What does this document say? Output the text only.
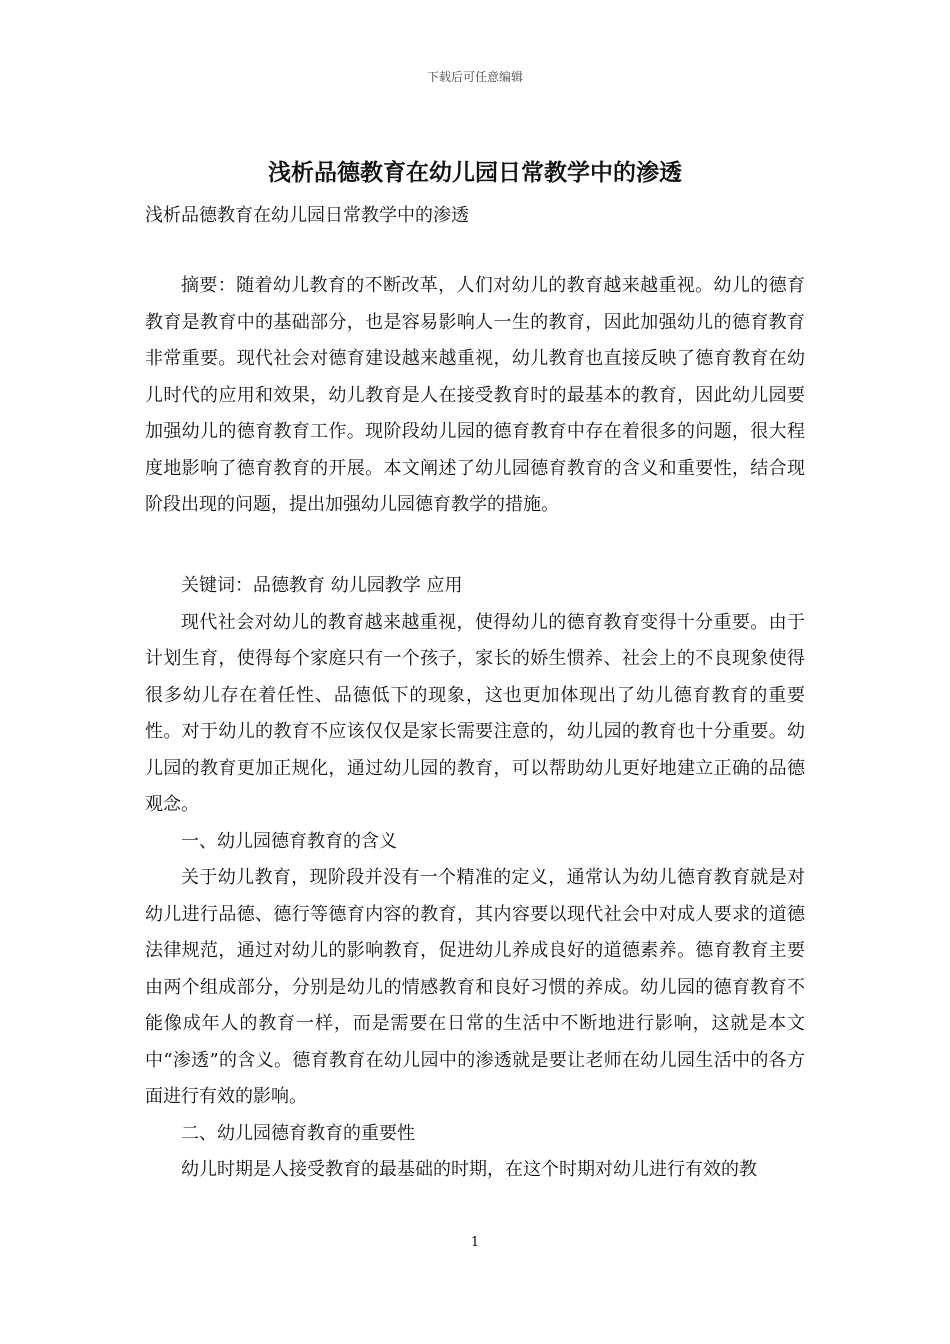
下载后可任意编辑
浅析品德教育在幼儿园日常教学中的渗透
浅析品德教育在幼儿园日常教学中的渗透

摘要：随着幼儿教育的不断改革，人们对幼儿的教育越来越重视。幼儿的德育教育是教育中的基础部分，也是容易影响人一生的教育，因此加强幼儿的德育教育非常重要。现代社会对德育建设越来越重视，幼儿教育也直接反映了德育教育在幼儿时代的应用和效果，幼儿教育是人在接受教育时的最基本的教育，因此幼儿园要加强幼儿的德育教育工作。现阶段幼儿园的德育教育中存在着很多的问题，很大程度地影响了德育教育的开展。本文阐述了幼儿园德育教育的含义和重要性，结合现阶段出现的问题，提出加强幼儿园德育教学的措施。

关键词：品德教育 幼儿园教学 应用

现代社会对幼儿的教育越来越重视，使得幼儿的德育教育变得十分重要。由于计划生育，使得每个家庭只有一个孩子，家长的娇生惯养、社会上的不良现象使得很多幼儿存在着任性、品德低下的现象，这也更加体现出了幼儿德育教育的重要性。对于幼儿的教育不应该仅仅是家长需要注意的，幼儿园的教育也十分重要。幼儿园的教育更加正规化，通过幼儿园的教育，可以帮助幼儿更好地建立正确的品德观念。

一、幼儿园德育教育的含义

关于幼儿教育，现阶段并没有一个精准的定义，通常认为幼儿德育教育就是对幼儿进行品德、德行等德育内容的教育，其内容要以现代社会中对成人要求的道德法律规范，通过对幼儿的影响教育，促进幼儿养成良好的道德素养。德育教育主要由两个组成部分，分别是幼儿的情感教育和良好习惯的养成。幼儿园的德育教育不能像成年人的教育一样，而是需要在日常的生活中不断地进行影响，这就是本文中“渗透”的含义。德育教育在幼儿园中的渗透就是要让老师在幼儿园生活中的各方面进行有效的影响。

二、幼儿园德育教育的重要性

幼儿时期是人接受教育的最基础的时期，在这个时期对幼儿进行有效的教

1
